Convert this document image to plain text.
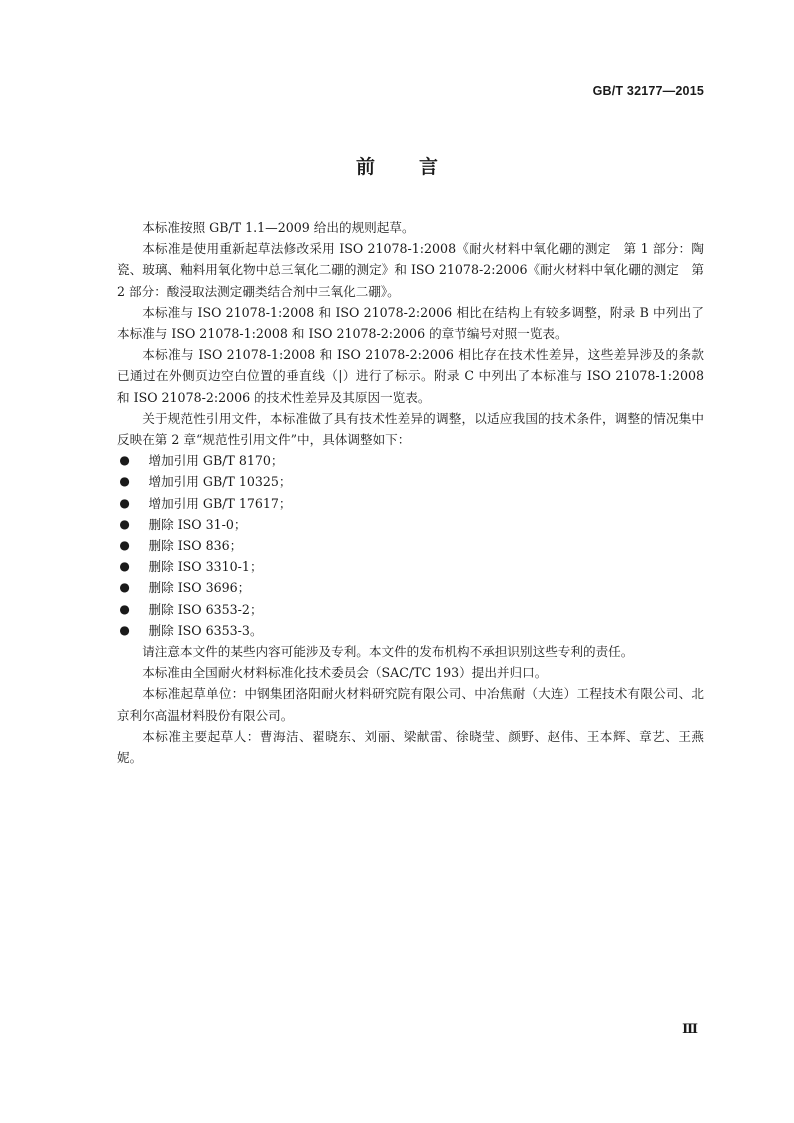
GB/T 32177—2015
前言

本标准按照 GB/T 1.1—2009 给出的规则起草。

本标准是使用重新起草法修改采用 ISO 21078-1:2008《耐火材料中氧化硼的测定　第 1 部分：陶瓷、玻璃、釉料用氧化物中总三氧化二硼的测定》和 ISO 21078-2:2006《耐火材料中氧化硼的测定　第 2 部分：酸浸取法测定硼类结合剂中三氧化二硼》。

本标准与 ISO 21078-1:2008 和 ISO 21078-2:2006 相比在结构上有较多调整，附录 B 中列出了本标准与 ISO 21078-1:2008 和 ISO 21078-2:2006 的章节编号对照一览表。

本标准与 ISO 21078-1:2008 和 ISO 21078-2:2006 相比存在技术性差异，这些差异涉及的条款已通过在外侧页边空白位置的垂直线（|）进行了标示。附录 C 中列出了本标准与 ISO 21078-1:2008 和 ISO 21078-2:2006 的技术性差异及其原因一览表。

关于规范性引用文件，本标准做了具有技术性差异的调整，以适应我国的技术条件，调整的情况集中反映在第 2 章“规范性引用文件”中，具体调整如下：

● 增加引用 GB/T 8170；
● 增加引用 GB/T 10325；
● 增加引用 GB/T 17617；
● 删除 ISO 31-0；
● 删除 ISO 836；
● 删除 ISO 3310-1；
● 删除 ISO 3696；
● 删除 ISO 6353-2；
● 删除 ISO 6353-3。

请注意本文件的某些内容可能涉及专利。本文件的发布机构不承担识别这些专利的责任。

本标准由全国耐火材料标准化技术委员会（SAC/TC 193）提出并归口。

本标准起草单位：中钢集团洛阳耐火材料研究院有限公司、中冶焦耐（大连）工程技术有限公司、北京利尔高温材料股份有限公司。

本标准主要起草人：曹海洁、翟晓东、刘丽、梁献雷、徐晓莹、颜野、赵伟、王本辉、章艺、王燕妮。

Ⅲ
